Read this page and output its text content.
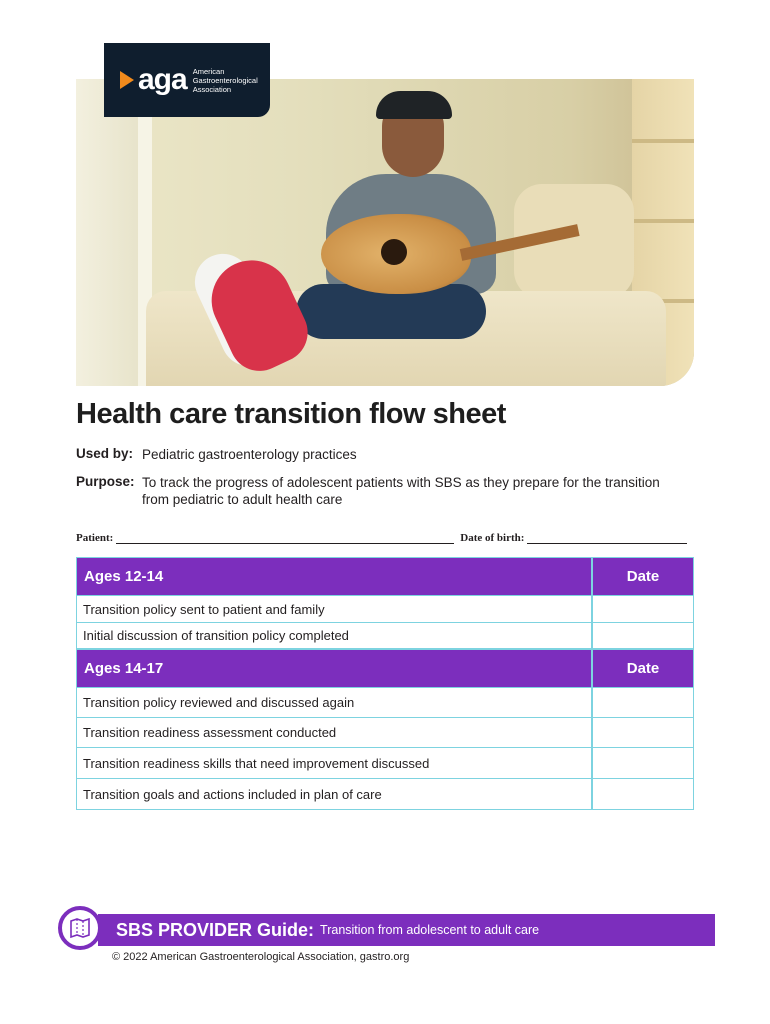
aga American
Gastroenterological
Association
Health care transition flow sheet
Used by: Pediatric gastroenterology practices
Purpose: To track the progress of adolescent patients with SBS as they prepare for the transition from pediatric to adult health care
Patient:	Date of birth:
Ages 12-14	Date
Transition policy sent to patient and family
Initial discussion of transition policy completed
Ages 14-17	Date
Transition policy reviewed and discussed again
Transition readiness assessment conducted
Transition readiness skills that need improvement discussed
Transition goals and actions included in plan of care
SBS PROVIDER Guide: Transition from adolescent to adult care
© 2022 American Gastroenterological Association, gastro.org
